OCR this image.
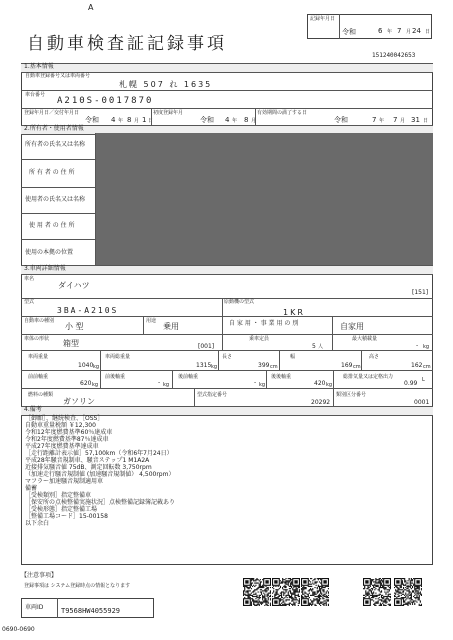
A
自動車検査証記録事項
記録年月日
令和	6 年 7 月 24 日
151240042653
1.基本情報
自動車登録番号又は車両番号
札幌 507 れ 1635
車台番号
A210S-0017870
登録年月日／交付年月日
令和 4 年 8 月 1 日
初度登録年月
令和 4 年 8 月
有効期間の満了する日
令和	7 年 7 月 31 日
2.所有者・使用者情報
所有者の氏名又は名称
所 有 者 の 住 所
使用者の氏名又は名称
使 用 者 の 住 所
使用の本拠の位置
3.車両詳細情報
車名
ダイハツ
[151]
型式
3BA-A210S
原動機の型式
1KR
自動車の種別
小 型
用途
乗用	自 家 用 ・ 事 業 用 の 別	自家用
車体の形状 箱型	[001]
乗車定員
5 人
最大積載量
- kg
車両重量
1040 kg
車両総重量
1315 kg
長さ
399 cm
幅
169 cm
高さ
162 cm
前前軸重
620 kg
前後軸重
- kg
後前軸重
- kg
後後軸重
420 kg
総排気量又は定格出力
0.99 L
燃料の種類
ガソリン
型式指定番号
20292
類別区分番号
0001
4.備考
［御願］、継続検査、［OSS］
自動車重量税額 ￥12,300
令和12年度燃費基準60％達成車
令和2年度燃費基準87％達成車
平成27年度燃費基準達成車
［走行距離計表示値］57,100km（令和6年7月24日）
平成28年騒音規制車、騒音ステップ1 M1A2A
近接排気騒音値 75dB、測定回転数 3,750rpm
（加速走行騒音規制値 (加速騒音規制値） 4,500rpm）
マフラー加速騒音規制適用車
備蓄
［受検類別］指定整備車
［保安所の点検整備実施状況］点検整備記録簿記載あり
［受検形態］指定整備工場
［整備工場コード］15-00158
以下余白
【注意事項】
登録事項は システム登録時点の情報となります
車両ID	T9568HW4055929
0690-0690
